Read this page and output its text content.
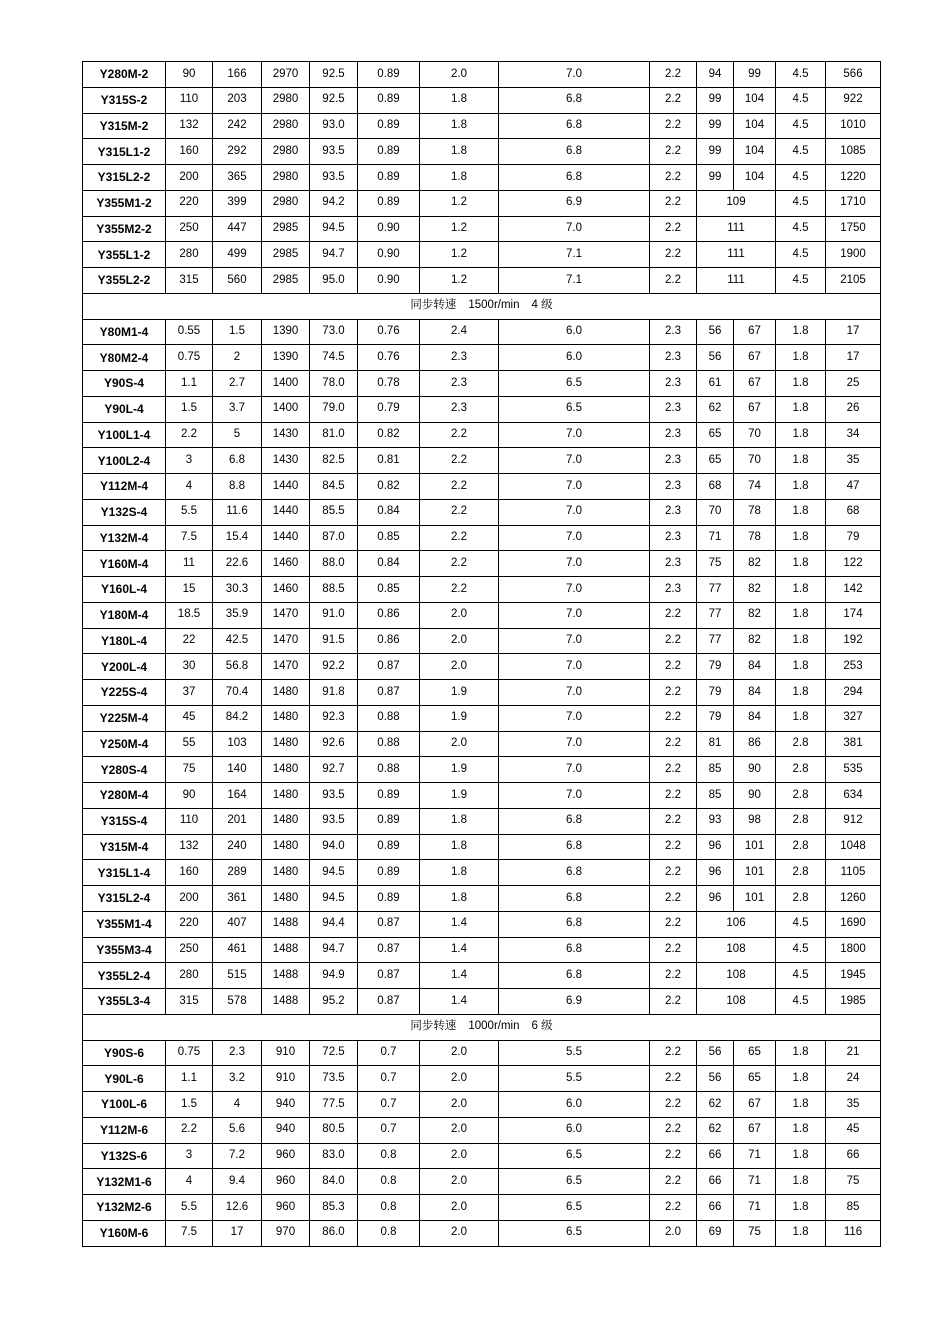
Y280M-2	90	166	2970	92.5	0.89	2.0	7.0	2.2	94	99	4.5	566
Y315S-2	110	203	2980	92.5	0.89	1.8	6.8	2.2	99	104	4.5	922
Y315M-2	132	242	2980	93.0	0.89	1.8	6.8	2.2	99	104	4.5	1010
Y315L1-2	160	292	2980	93.5	0.89	1.8	6.8	2.2	99	104	4.5	1085
Y315L2-2	200	365	2980	93.5	0.89	1.8	6.8	2.2	99	104	4.5	1220
Y355M1-2	220	399	2980	94.2	0.89	1.2	6.9	2.2	109		4.5	1710
Y355M2-2	250	447	2985	94.5	0.90	1.2	7.0	2.2	111		4.5	1750
Y355L1-2	280	499	2985	94.7	0.90	1.2	7.1	2.2	111		4.5	1900
Y355L2-2	315	560	2985	95.0	0.90	1.2	7.1	2.2	111		4.5	2105
同步转速 1500r/min 4 级												
Y80M1-4	0.55	1.5	1390	73.0	0.76	2.4	6.0	2.3	56	67	1.8	17
Y80M2-4	0.75	2	1390	74.5	0.76	2.3	6.0	2.3	56	67	1.8	17
Y90S-4	1.1	2.7	1400	78.0	0.78	2.3	6.5	2.3	61	67	1.8	25
Y90L-4	1.5	3.7	1400	79.0	0.79	2.3	6.5	2.3	62	67	1.8	26
Y100L1-4	2.2	5	1430	81.0	0.82	2.2	7.0	2.3	65	70	1.8	34
Y100L2-4	3	6.8	1430	82.5	0.81	2.2	7.0	2.3	65	70	1.8	35
Y112M-4	4	8.8	1440	84.5	0.82	2.2	7.0	2.3	68	74	1.8	47
Y132S-4	5.5	11.6	1440	85.5	0.84	2.2	7.0	2.3	70	78	1.8	68
Y132M-4	7.5	15.4	1440	87.0	0.85	2.2	7.0	2.3	71	78	1.8	79
Y160M-4	11	22.6	1460	88.0	0.84	2.2	7.0	2.3	75	82	1.8	122
Y160L-4	15	30.3	1460	88.5	0.85	2.2	7.0	2.3	77	82	1.8	142
Y180M-4	18.5	35.9	1470	91.0	0.86	2.0	7.0	2.2	77	82	1.8	174
Y180L-4	22	42.5	1470	91.5	0.86	2.0	7.0	2.2	77	82	1.8	192
Y200L-4	30	56.8	1470	92.2	0.87	2.0	7.0	2.2	79	84	1.8	253
Y225S-4	37	70.4	1480	91.8	0.87	1.9	7.0	2.2	79	84	1.8	294
Y225M-4	45	84.2	1480	92.3	0.88	1.9	7.0	2.2	79	84	1.8	327
Y250M-4	55	103	1480	92.6	0.88	2.0	7.0	2.2	81	86	2.8	381
Y280S-4	75	140	1480	92.7	0.88	1.9	7.0	2.2	85	90	2.8	535
Y280M-4	90	164	1480	93.5	0.89	1.9	7.0	2.2	85	90	2.8	634
Y315S-4	110	201	1480	93.5	0.89	1.8	6.8	2.2	93	98	2.8	912
Y315M-4	132	240	1480	94.0	0.89	1.8	6.8	2.2	96	101	2.8	1048
Y315L1-4	160	289	1480	94.5	0.89	1.8	6.8	2.2	96	101	2.8	1105
Y315L2-4	200	361	1480	94.5	0.89	1.8	6.8	2.2	96	101	2.8	1260
Y355M1-4	220	407	1488	94.4	0.87	1.4	6.8	2.2	106		4.5	1690
Y355M3-4	250	461	1488	94.7	0.87	1.4	6.8	2.2	108		4.5	1800
Y355L2-4	280	515	1488	94.9	0.87	1.4	6.8	2.2	108		4.5	1945
Y355L3-4	315	578	1488	95.2	0.87	1.4	6.9	2.2	108		4.5	1985
同步转速 1000r/min 6 级												
Y90S-6	0.75	2.3	910	72.5	0.7	2.0	5.5	2.2	56	65	1.8	21
Y90L-6	1.1	3.2	910	73.5	0.7	2.0	5.5	2.2	56	65	1.8	24
Y100L-6	1.5	4	940	77.5	0.7	2.0	6.0	2.2	62	67	1.8	35
Y112M-6	2.2	5.6	940	80.5	0.7	2.0	6.0	2.2	62	67	1.8	45
Y132S-6	3	7.2	960	83.0	0.8	2.0	6.5	2.2	66	71	1.8	66
Y132M1-6	4	9.4	960	84.0	0.8	2.0	6.5	2.2	66	71	1.8	75
Y132M2-6	5.5	12.6	960	85.3	0.8	2.0	6.5	2.2	66	71	1.8	85
Y160M-6	7.5	17	970	86.0	0.8	2.0	6.5	2.0	69	75	1.8	116
